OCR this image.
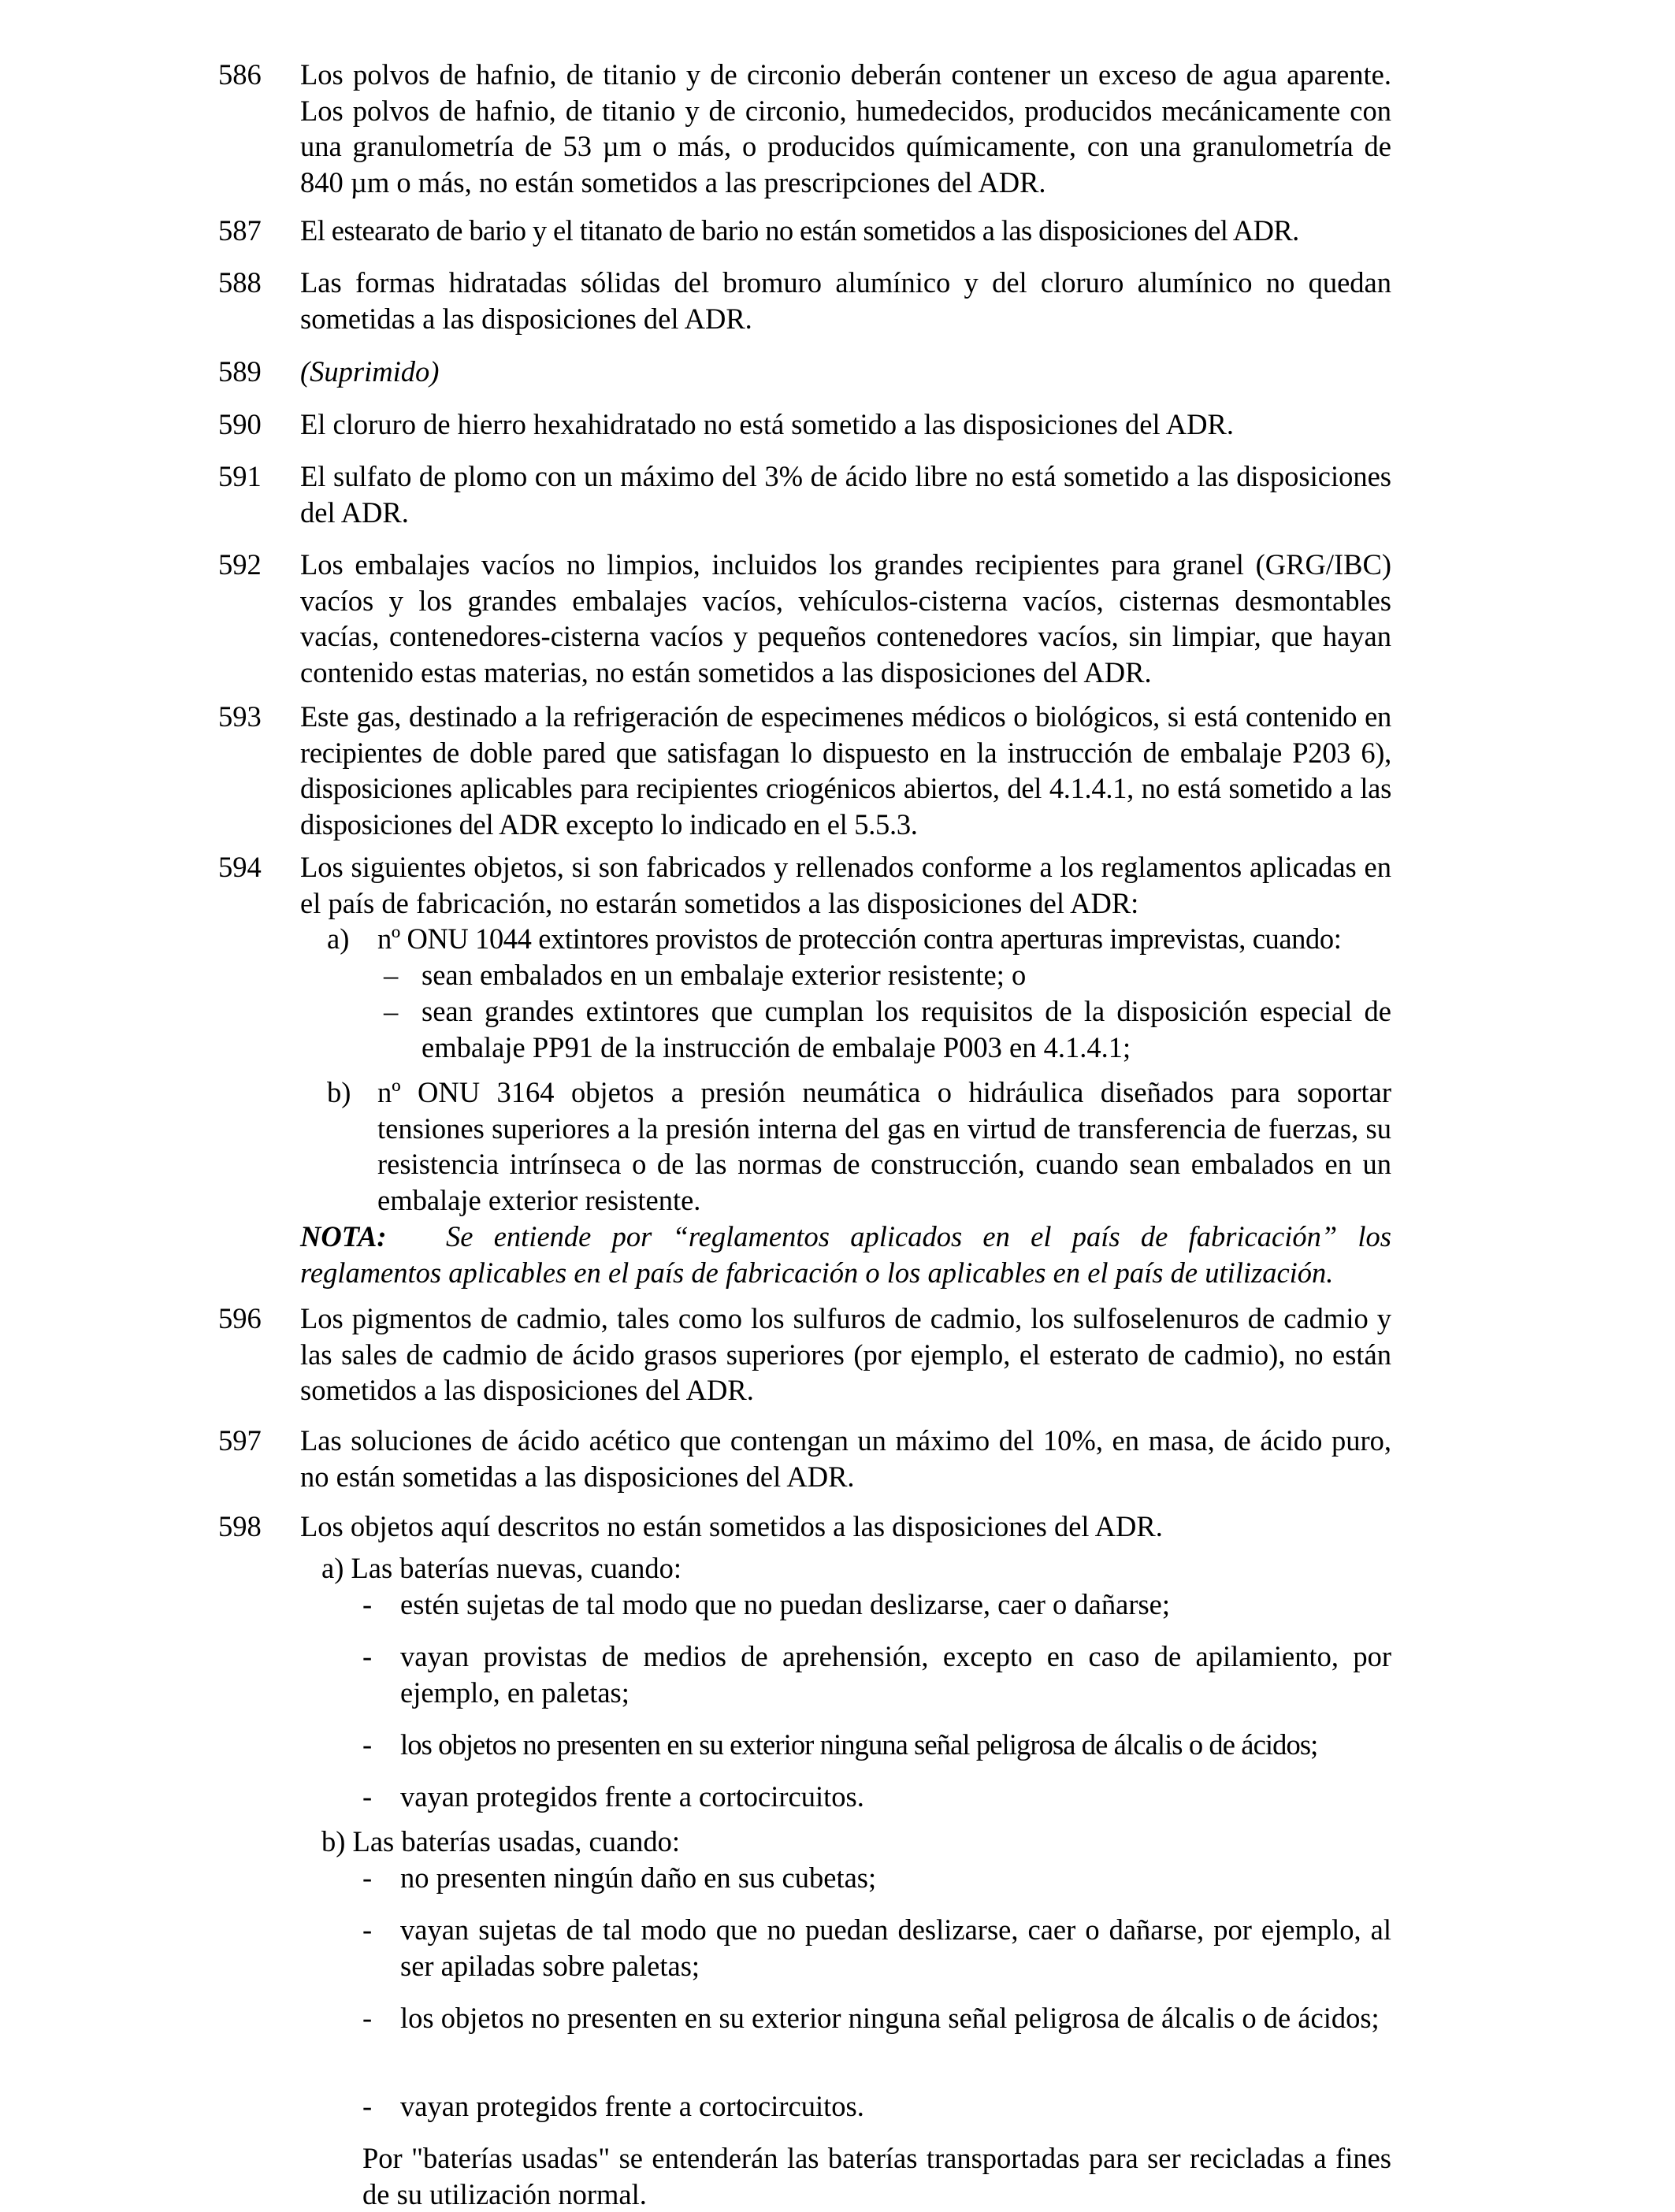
586 Los polvos de hafnio, de titanio y de circonio deberán contener un exceso de agua aparente. Los polvos de hafnio, de titanio y de circonio, humedecidos, producidos mecánicamente con una granulometría de 53 µm o más, o producidos químicamente, con una granulometría de 840 µm o más, no están sometidos a las prescripciones del ADR.
587 El estearato de bario y el titanato de bario no están sometidos a las disposiciones del ADR.
588 Las formas hidratadas sólidas del bromuro alumínico y del cloruro alumínico no quedan sometidas a las disposiciones del ADR.
589 (Suprimido)
590 El cloruro de hierro hexahidratado no está sometido a las disposiciones del ADR.
591 El sulfato de plomo con un máximo del 3% de ácido libre no está sometido a las disposiciones del ADR.
592 Los embalajes vacíos no limpios, incluidos los grandes recipientes para granel (GRG/IBC) vacíos y los grandes embalajes vacíos, vehículos-cisterna vacíos, cisternas desmontables vacías, contenedores-cisterna vacíos y pequeños contenedores vacíos, sin limpiar, que hayan contenido estas materias, no están sometidos a las disposiciones del ADR.
593 Este gas, destinado a la refrigeración de especimenes médicos o biológicos, si está contenido en recipientes de doble pared que satisfagan lo dispuesto en la instrucción de embalaje P203 6), disposiciones aplicables para recipientes criogénicos abiertos, del 4.1.4.1, no está sometido a las disposiciones del ADR excepto lo indicado en el 5.5.3.
594 Los siguientes objetos, si son fabricados y rellenados conforme a los reglamentos aplicadas en el país de fabricación, no estarán sometidos a las disposiciones del ADR:
a) nº ONU 1044 extintores provistos de protección contra aperturas imprevistas, cuando:
– sean embalados en un embalaje exterior resistente; o
– sean grandes extintores que cumplan los requisitos de la disposición especial de embalaje PP91 de la instrucción de embalaje P003 en 4.1.4.1;
b) nº ONU 3164 objetos a presión neumática o hidráulica diseñados para soportar tensiones superiores a la presión interna del gas en virtud de transferencia de fuerzas, su resistencia intrínseca o de las normas de construcción, cuando sean embalados en un embalaje exterior resistente.
NOTA: Se entiende por “reglamentos aplicados en el país de fabricación” los reglamentos aplicables en el país de fabricación o los aplicables en el país de utilización.
596 Los pigmentos de cadmio, tales como los sulfuros de cadmio, los sulfoselenuros de cadmio y las sales de cadmio de ácido grasos superiores (por ejemplo, el esterato de cadmio), no están sometidos a las disposiciones del ADR.
597 Las soluciones de ácido acético que contengan un máximo del 10%, en masa, de ácido puro, no están sometidas a las disposiciones del ADR.
598 Los objetos aquí descritos no están sometidos a las disposiciones del ADR.
a) Las baterías nuevas, cuando:
- estén sujetas de tal modo que no puedan deslizarse, caer o dañarse;
- vayan provistas de medios de aprehensión, excepto en caso de apilamiento, por ejemplo, en paletas;
- los objetos no presenten en su exterior ninguna señal peligrosa de álcalis o de ácidos;
- vayan protegidos frente a cortocircuitos.
b) Las baterías usadas, cuando:
- no presenten ningún daño en sus cubetas;
- vayan sujetas de tal modo que no puedan deslizarse, caer o dañarse, por ejemplo, al ser apiladas sobre paletas;
- los objetos no presenten en su exterior ninguna señal peligrosa de álcalis o de ácidos;
- vayan protegidos frente a cortocircuitos.
Por "baterías usadas" se entenderán las baterías transportadas para ser recicladas a fines de su utilización normal.
